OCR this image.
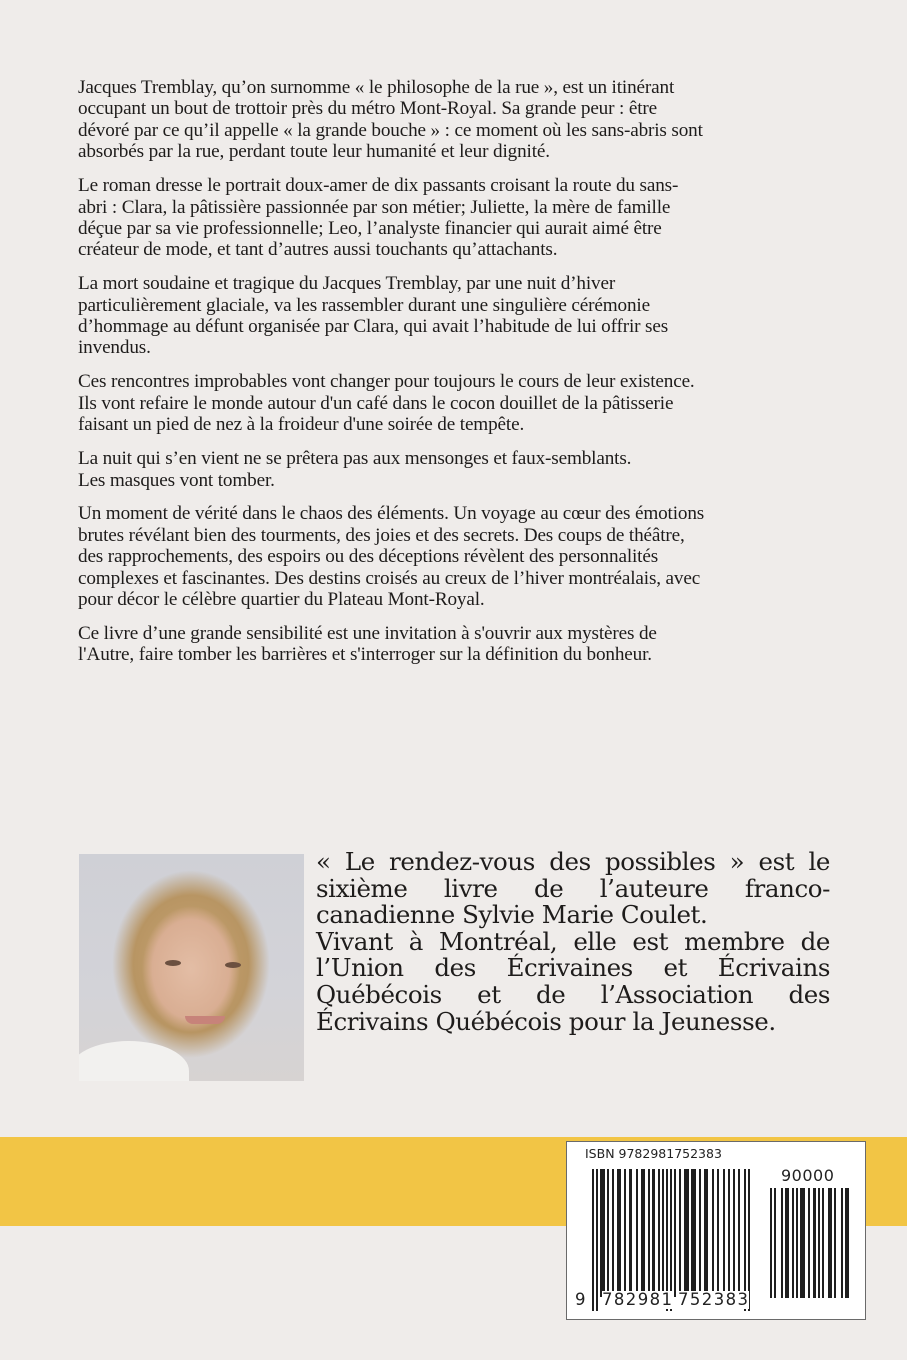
Jacques Tremblay, qu’on surnomme « le philosophe de la rue », est un itinérant
occupant un bout de trottoir près du métro Mont-Royal. Sa grande peur : être
dévoré par ce qu’il appelle « la grande bouche » : ce moment où les sans-abris sont
absorbés par la rue, perdant toute leur humanité et leur dignité.

Le roman dresse le portrait doux-amer de dix passants croisant la route du sans-
abri : Clara, la pâtissière passionnée par son métier; Juliette, la mère de famille
déçue par sa vie professionnelle; Leo, l’analyste financier qui aurait aimé être
créateur de mode, et tant d’autres aussi touchants qu’attachants.

La mort soudaine et tragique du Jacques Tremblay, par une nuit d’hiver
particulièrement glaciale, va les rassembler durant une singulière cérémonie
d’hommage au défunt organisée par Clara, qui avait l’habitude de lui offrir ses
invendus.

Ces rencontres improbables vont changer pour toujours le cours de leur existence.
Ils vont refaire le monde autour d'un café dans le cocon douillet de la pâtisserie
faisant un pied de nez à la froideur d'une soirée de tempête.

La nuit qui s’en vient ne se prêtera pas aux mensonges et faux-semblants.
Les masques vont tomber.

Un moment de vérité dans le chaos des éléments. Un voyage au cœur des émotions
brutes révélant bien des tourments, des joies et des secrets. Des coups de théâtre,
des rapprochements, des espoirs ou des déceptions révèlent des personnalités
complexes et fascinantes. Des destins croisés au creux de l’hiver montréalais, avec
pour décor le célèbre quartier du Plateau Mont-Royal.

Ce livre d’une grande sensibilité est une invitation à s'ouvrir aux mystères de
l'Autre, faire tomber les barrières et s'interroger sur la définition du bonheur.

« Le rendez-vous des possibles » est le
sixième livre de l’auteure franco-
canadienne Sylvie Marie Coulet.
Vivant à Montréal, elle est membre de
l’Union des Écrivaines et Écrivains
Québécois et de l’Association des
Écrivains Québécois pour la Jeunesse.

ISBN 9782981752383
90000
9 782981 752383
